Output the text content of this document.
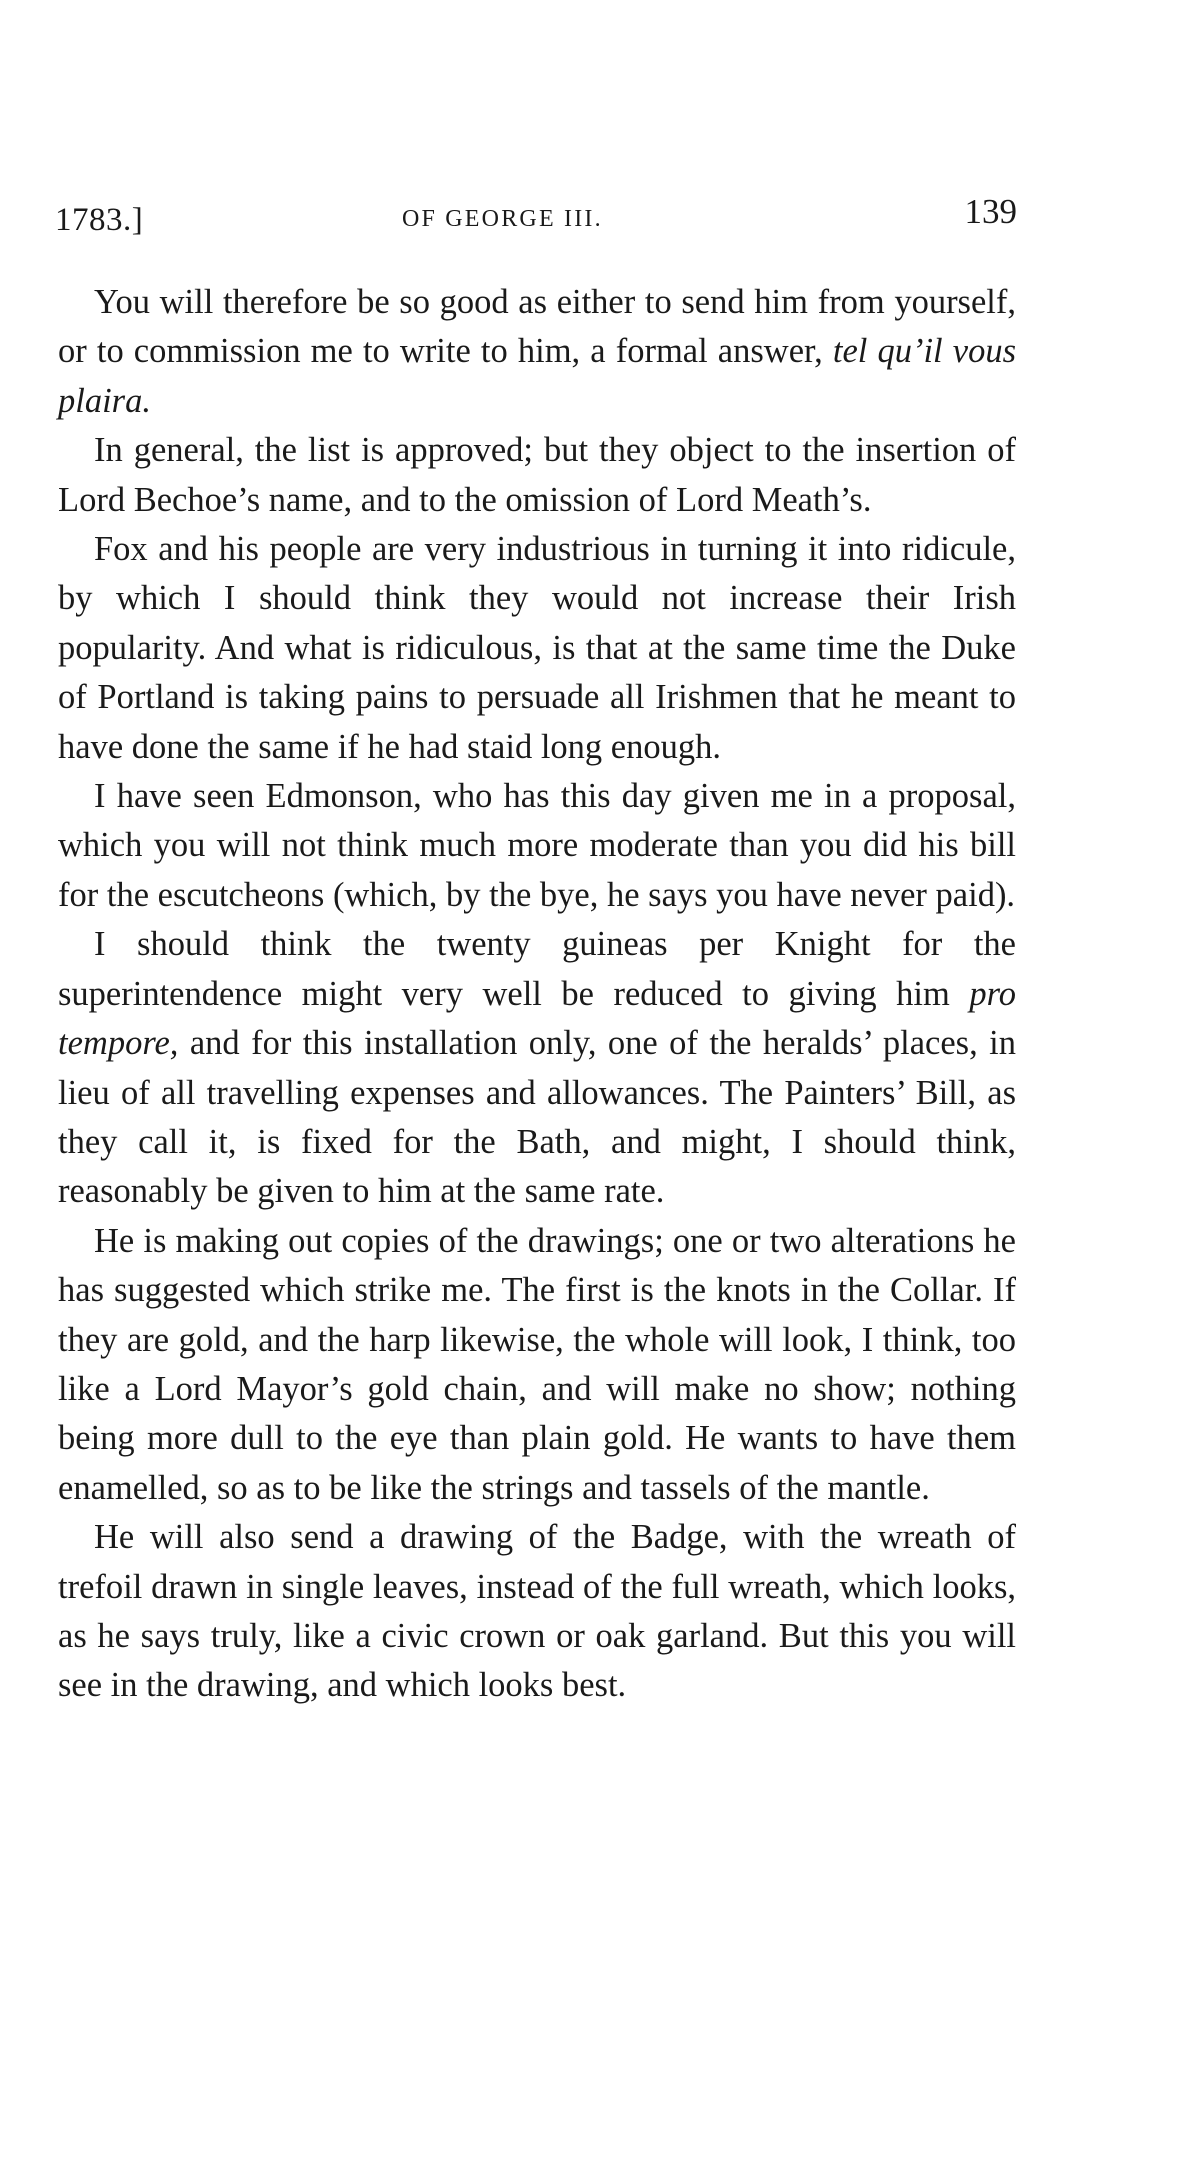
1783.]	OF GEORGE III.	139

You will therefore be so good as either to send him from yourself, or to commission me to write to him, a formal answer, tel qu’il vous plaira.

In general, the list is approved; but they object to the insertion of Lord Bechoe’s name, and to the omission of Lord Meath’s.

Fox and his people are very industrious in turning it into ridicule, by which I should think they would not increase their Irish popularity. And what is ridiculous, is that at the same time the Duke of Portland is taking pains to persuade all Irishmen that he meant to have done the same if he had staid long enough.

I have seen Edmonson, who has this day given me in a proposal, which you will not think much more moderate than you did his bill for the escutcheons (which, by the bye, he says you have never paid).

I should think the twenty guineas per Knight for the superintendence might very well be reduced to giving him pro tempore, and for this installation only, one of the heralds’ places, in lieu of all travelling expenses and allowances. The Painters’ Bill, as they call it, is fixed for the Bath, and might, I should think, reasonably be given to him at the same rate.

He is making out copies of the drawings; one or two alterations he has suggested which strike me. The first is the knots in the Collar. If they are gold, and the harp likewise, the whole will look, I think, too like a Lord Mayor’s gold chain, and will make no show; nothing being more dull to the eye than plain gold. He wants to have them enamelled, so as to be like the strings and tassels of the mantle.

He will also send a drawing of the Badge, with the wreath of trefoil drawn in single leaves, instead of the full wreath, which looks, as he says truly, like a civic crown or oak garland. But this you will see in the drawing, and which looks best.
